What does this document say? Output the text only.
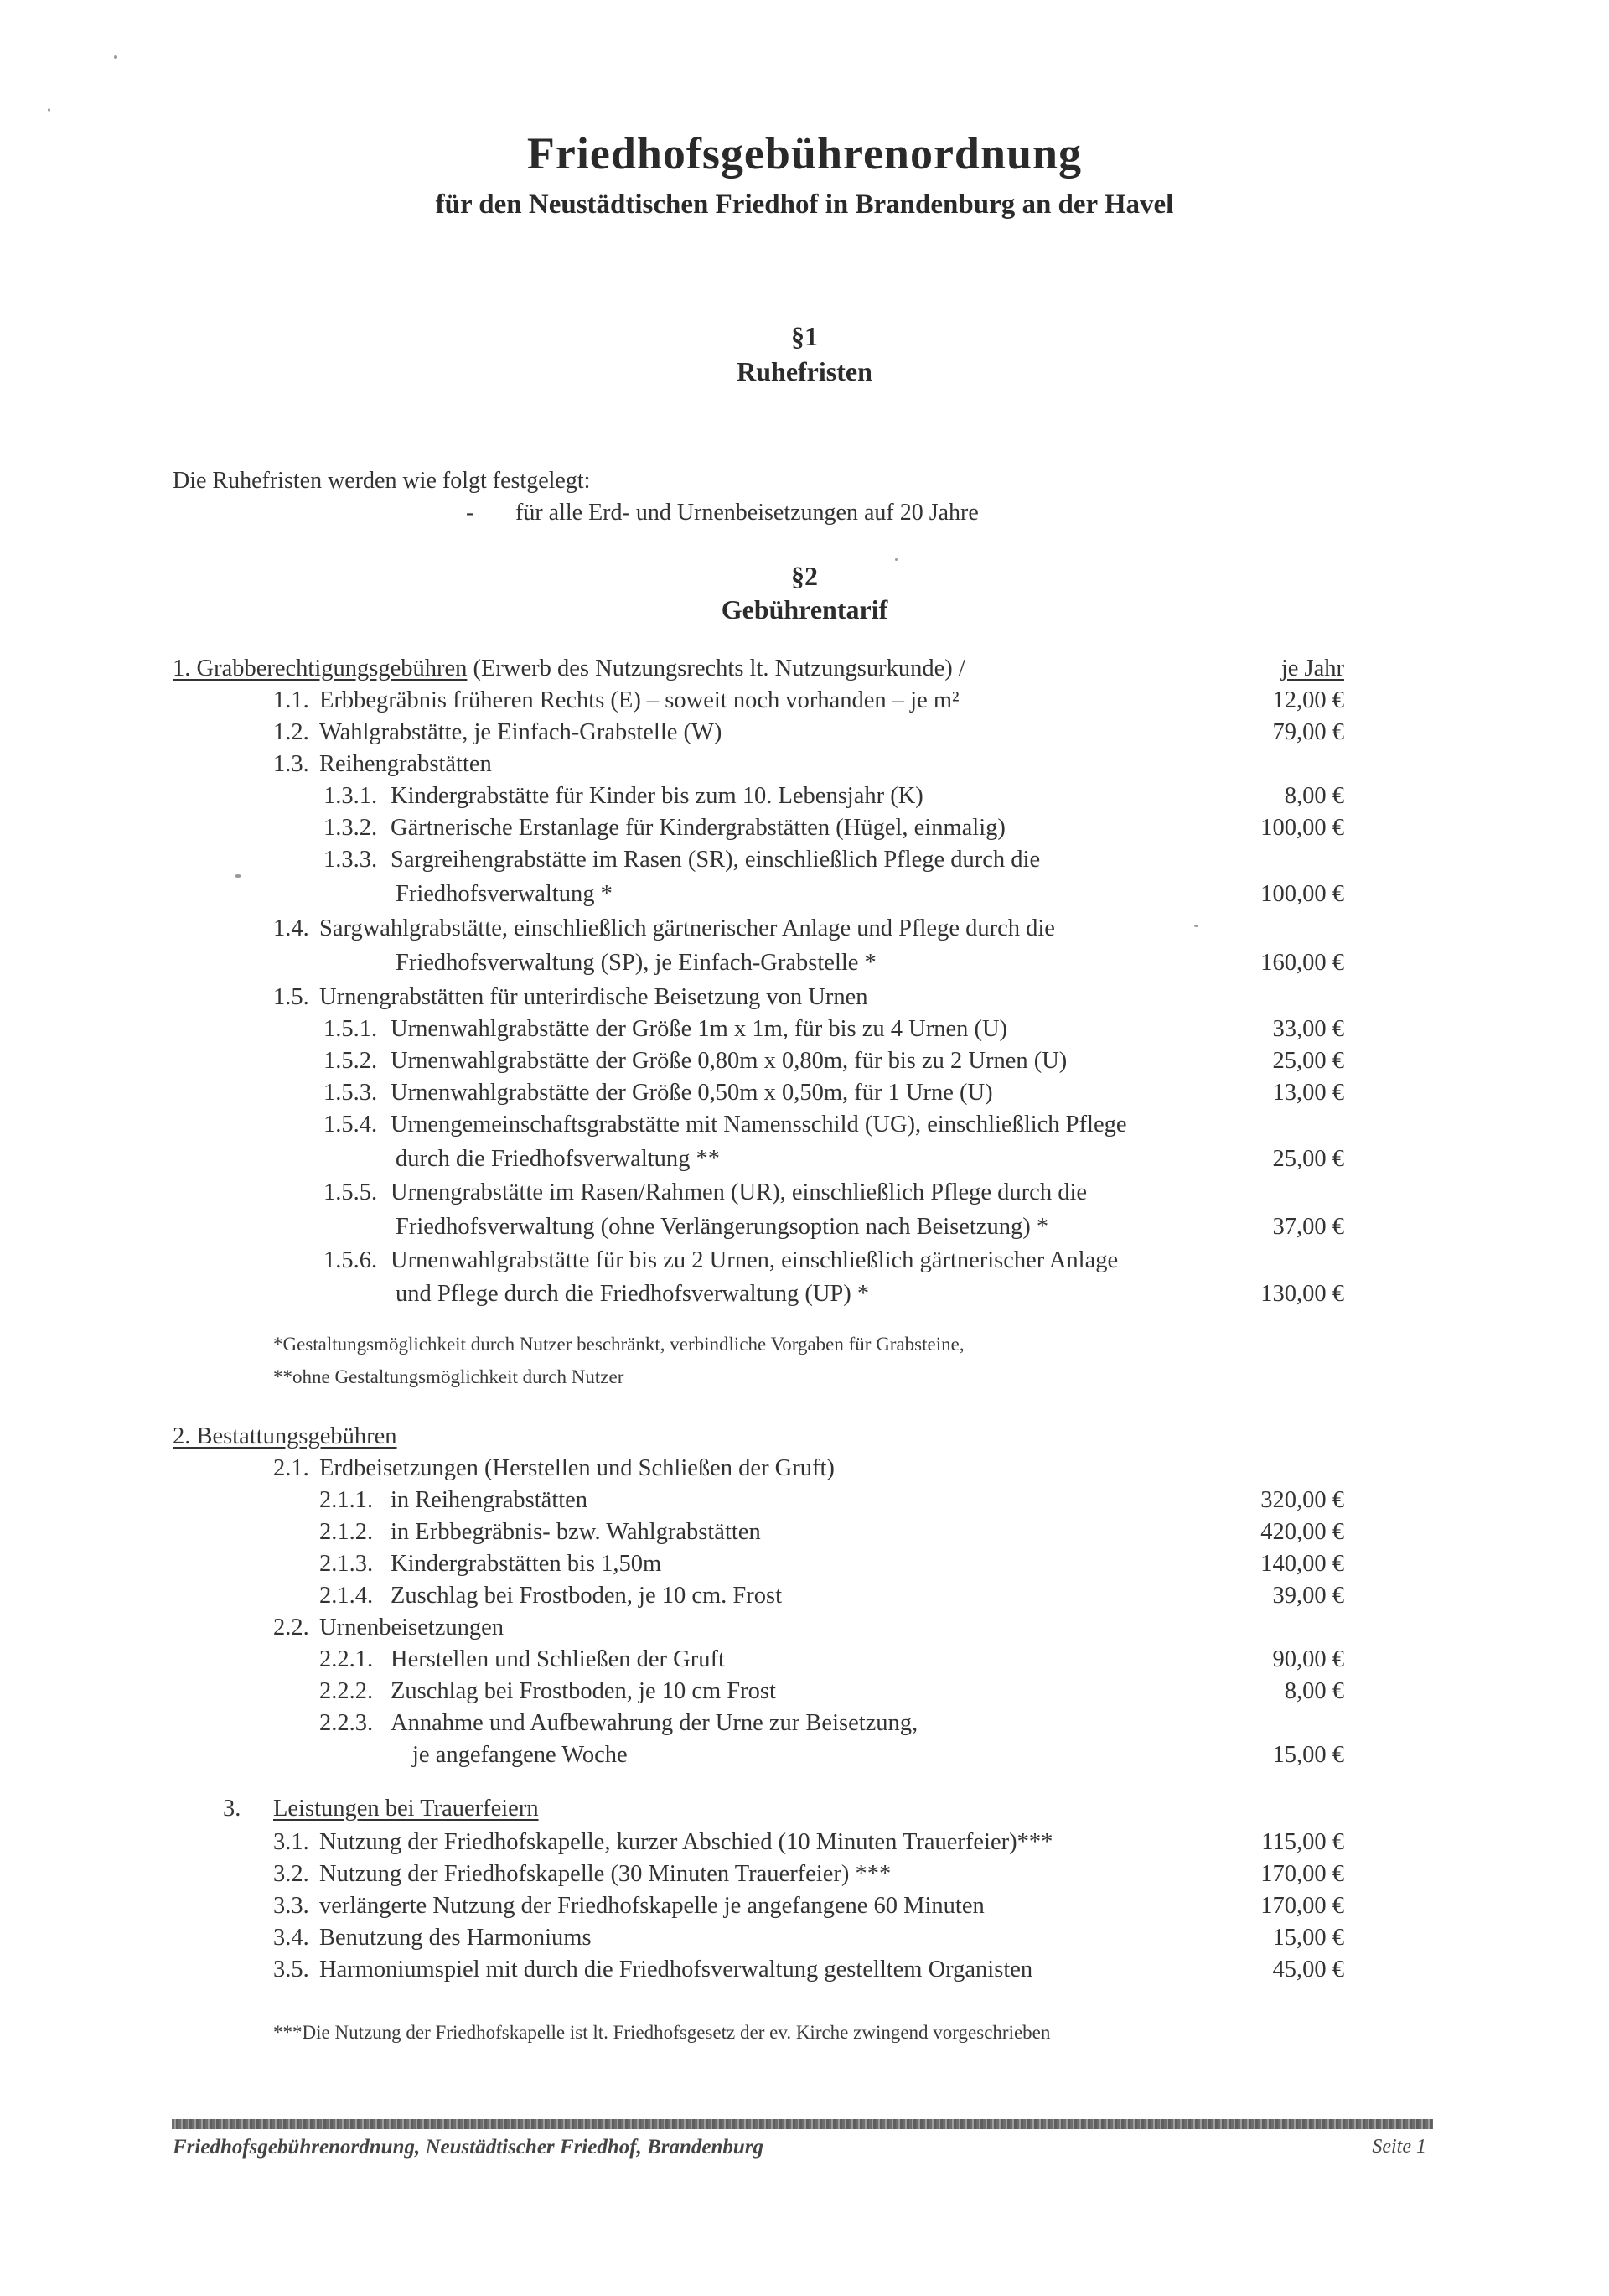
Friedhofsgebührenordnung
für den Neustädtischen Friedhof in Brandenburg an der Havel
§1
Ruhefristen
Die Ruhefristen werden wie folgt festgelegt:
- für alle Erd- und Urnenbeisetzungen auf 20 Jahre
§2
Gebührentarif
1. Grabberechtigungsgebühren (Erwerb des Nutzungsrechts lt. Nutzungsurkunde) /	je Jahr
1.1. Erbbegräbnis früheren Rechts (E) – soweit noch vorhanden – je m²	12,00 €
1.2. Wahlgrabstätte, je Einfach-Grabstelle (W)	79,00 €
1.3. Reihengrabstätten
1.3.1. Kindergrabstätte für Kinder bis zum 10. Lebensjahr (K)	8,00 €
1.3.2. Gärtnerische Erstanlage für Kindergrabstätten (Hügel, einmalig)	100,00 €
1.3.3. Sargreihengrabstätte im Rasen (SR), einschließlich Pflege durch die
Friedhofsverwaltung *	100,00 €
1.4. Sargwahlgrabstätte, einschließlich gärtnerischer Anlage und Pflege durch die
Friedhofsverwaltung (SP), je Einfach-Grabstelle *	160,00 €
1.5. Urnengrabstätten für unterirdische Beisetzung von Urnen
1.5.1. Urnenwahlgrabstätte der Größe 1m x 1m, für bis zu 4 Urnen (U)	33,00 €
1.5.2. Urnenwahlgrabstätte der Größe 0,80m x 0,80m, für bis zu 2 Urnen (U)	25,00 €
1.5.3. Urnenwahlgrabstätte der Größe 0,50m x 0,50m, für 1 Urne (U)	13,00 €
1.5.4. Urnengemeinschaftsgrabstätte mit Namensschild (UG), einschließlich Pflege
durch die Friedhofsverwaltung **	25,00 €
1.5.5. Urnengrabstätte im Rasen/Rahmen (UR), einschließlich Pflege durch die
Friedhofsverwaltung (ohne Verlängerungsoption nach Beisetzung) *	37,00 €
1.5.6. Urnenwahlgrabstätte für bis zu 2 Urnen, einschließlich gärtnerischer Anlage
und Pflege durch die Friedhofsverwaltung (UP) *	130,00 €
*Gestaltungsmöglichkeit durch Nutzer beschränkt, verbindliche Vorgaben für Grabsteine,
**ohne Gestaltungsmöglichkeit durch Nutzer
2. Bestattungsgebühren
2.1. Erdbeisetzungen (Herstellen und Schließen der Gruft)
2.1.1. in Reihengrabstätten	320,00 €
2.1.2. in Erbbegräbnis- bzw. Wahlgrabstätten	420,00 €
2.1.3. Kindergrabstätten bis 1,50m	140,00 €
2.1.4. Zuschlag bei Frostboden, je 10 cm. Frost	39,00 €
2.2. Urnenbeisetzungen
2.2.1. Herstellen und Schließen der Gruft	90,00 €
2.2.2. Zuschlag bei Frostboden, je 10 cm Frost	8,00 €
2.2.3. Annahme und Aufbewahrung der Urne zur Beisetzung,
je angefangene Woche	15,00 €
3. Leistungen bei Trauerfeiern
3.1. Nutzung der Friedhofskapelle, kurzer Abschied (10 Minuten Trauerfeier)***	115,00 €
3.2. Nutzung der Friedhofskapelle (30 Minuten Trauerfeier) ***	170,00 €
3.3. verlängerte Nutzung der Friedhofskapelle je angefangene 60 Minuten	170,00 €
3.4. Benutzung des Harmoniums	15,00 €
3.5. Harmoniumspiel mit durch die Friedhofsverwaltung gestelltem Organisten	45,00 €
***Die Nutzung der Friedhofskapelle ist lt. Friedhofsgesetz der ev. Kirche zwingend vorgeschrieben
Friedhofsgebührenordnung, Neustädtischer Friedhof, Brandenburg	Seite 1
